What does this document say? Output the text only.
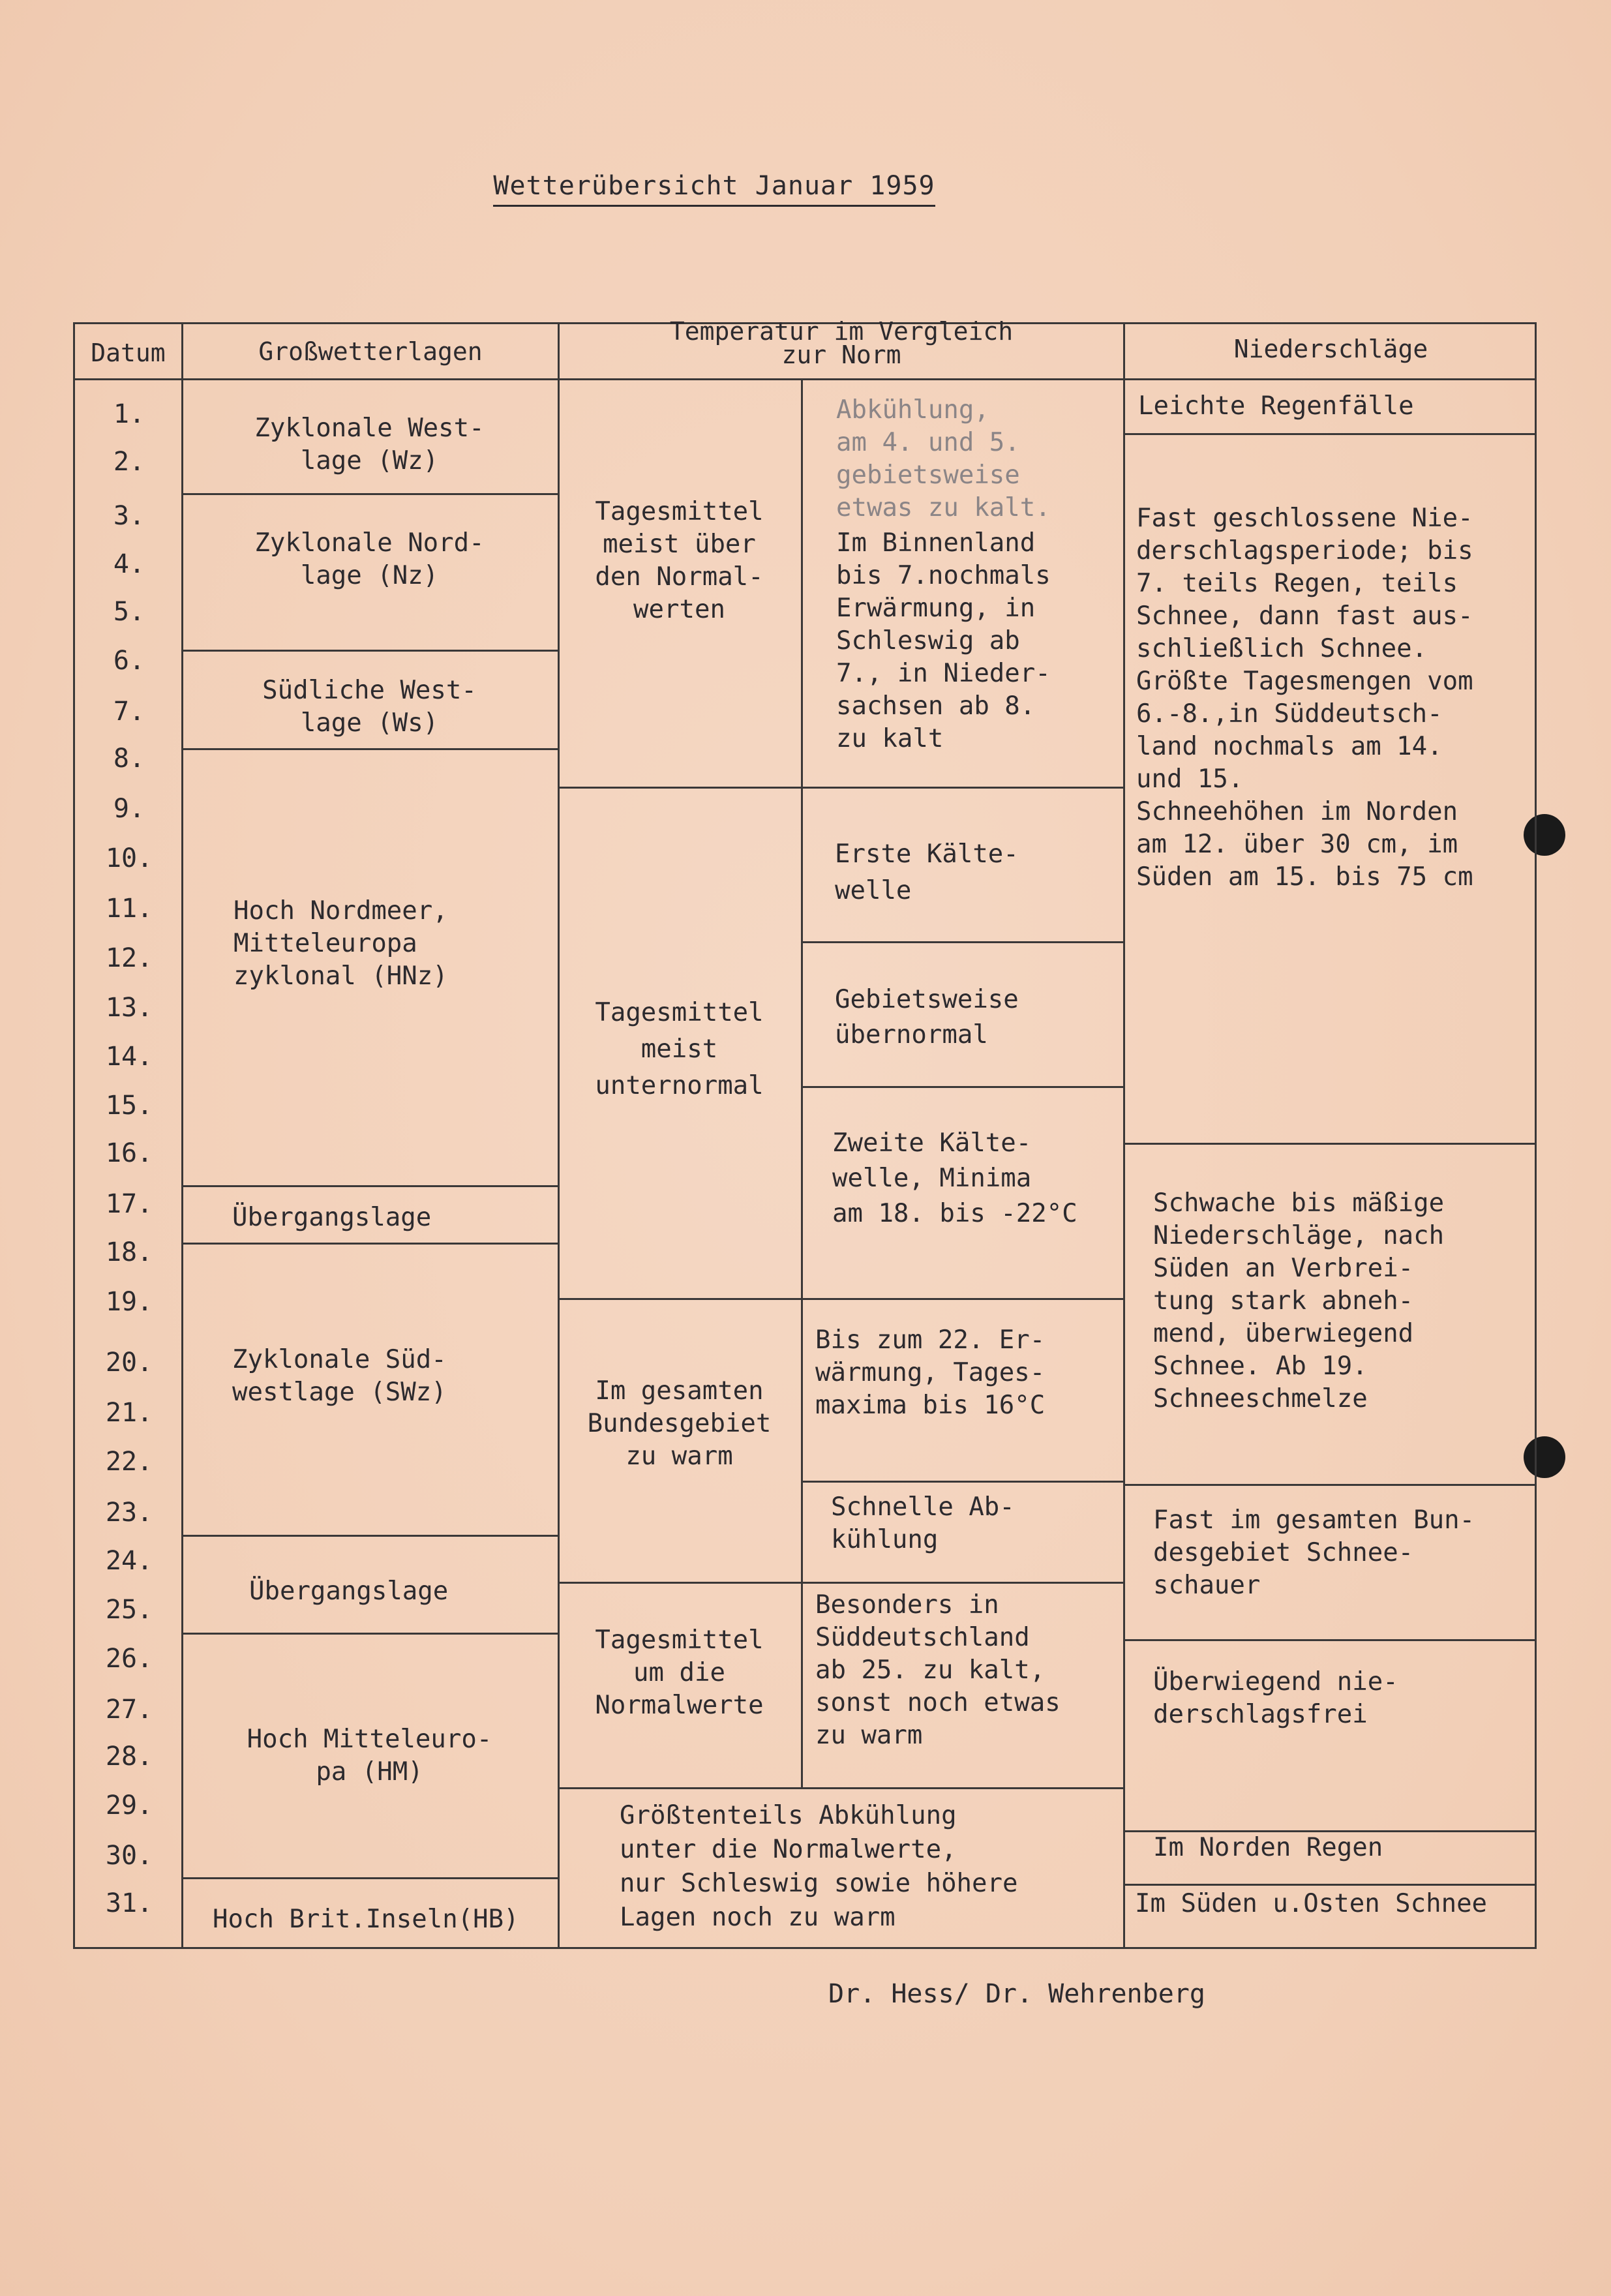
Wetterübersicht Januar 1959
Datum	Großwetterlagen
Temperatur im Vergleich
zur Norm	Niederschläge
1.
2.
3.
4.
5.
6.
7.
8.
9.
10.
11.
12.
13.
14.
15.
16.
17.
18.
19.
20.
21.
22.
23.
24.
25.
26.
27.
28.
29.
30.
31.
Zyklonale West-
lage (Wz)
Zyklonale Nord-
lage (Nz)
Südliche West-
lage (Ws)
Hoch Nordmeer,
Mitteleuropa
zyklonal (HNz)
Übergangslage
Zyklonale Süd-
westlage (SWz)
Übergangslage
Hoch Mitteleuro-
pa (HM)
Hoch Brit.Inseln(HB)
Tagesmittel
meist über
den Normal-
werten
Tagesmittel
meist
unternormal
Im gesamten
Bundesgebiet
zu warm
Tagesmittel
um die
Normalwerte
Abkühlung,
am 4. und 5.
gebietsweise
etwas zu kalt.
Im Binnenland
bis 7.nochmals
Erwärmung, in
Schleswig ab
7., in Nieder-
sachsen ab 8.
zu kalt
Erste Kälte-
welle
Gebietsweise
übernormal
Zweite Kälte-
welle, Minima
am 18. bis -22°C
Bis zum 22. Er-
wärmung, Tages-
maxima bis 16°C
Schnelle Ab-
kühlung
Besonders in
Süddeutschland
ab 25. zu kalt,
sonst noch etwas
zu warm
Größtenteils Abkühlung
unter die Normalwerte,
nur Schleswig sowie höhere
Lagen noch zu warm
Leichte Regenfälle
Fast geschlossene Nie-
derschlagsperiode; bis
7. teils Regen, teils
Schnee, dann fast aus-
schließlich Schnee.
Größte Tagesmengen vom
6.-8.,in Süddeutsch-
land nochmals am 14.
und 15.
Schneehöhen im Norden
am 12. über 30 cm, im
Süden am 15. bis 75 cm
Schwache bis mäßige
Niederschläge, nach
Süden an Verbrei-
tung stark abneh-
mend, überwiegend
Schnee. Ab 19.
Schneeschmelze
Fast im gesamten Bun-
desgebiet Schnee-
schauer
Überwiegend nie-
derschlagsfrei
Im Norden Regen
Im Süden u.Osten Schnee
Dr. Hess/ Dr. Wehrenberg
